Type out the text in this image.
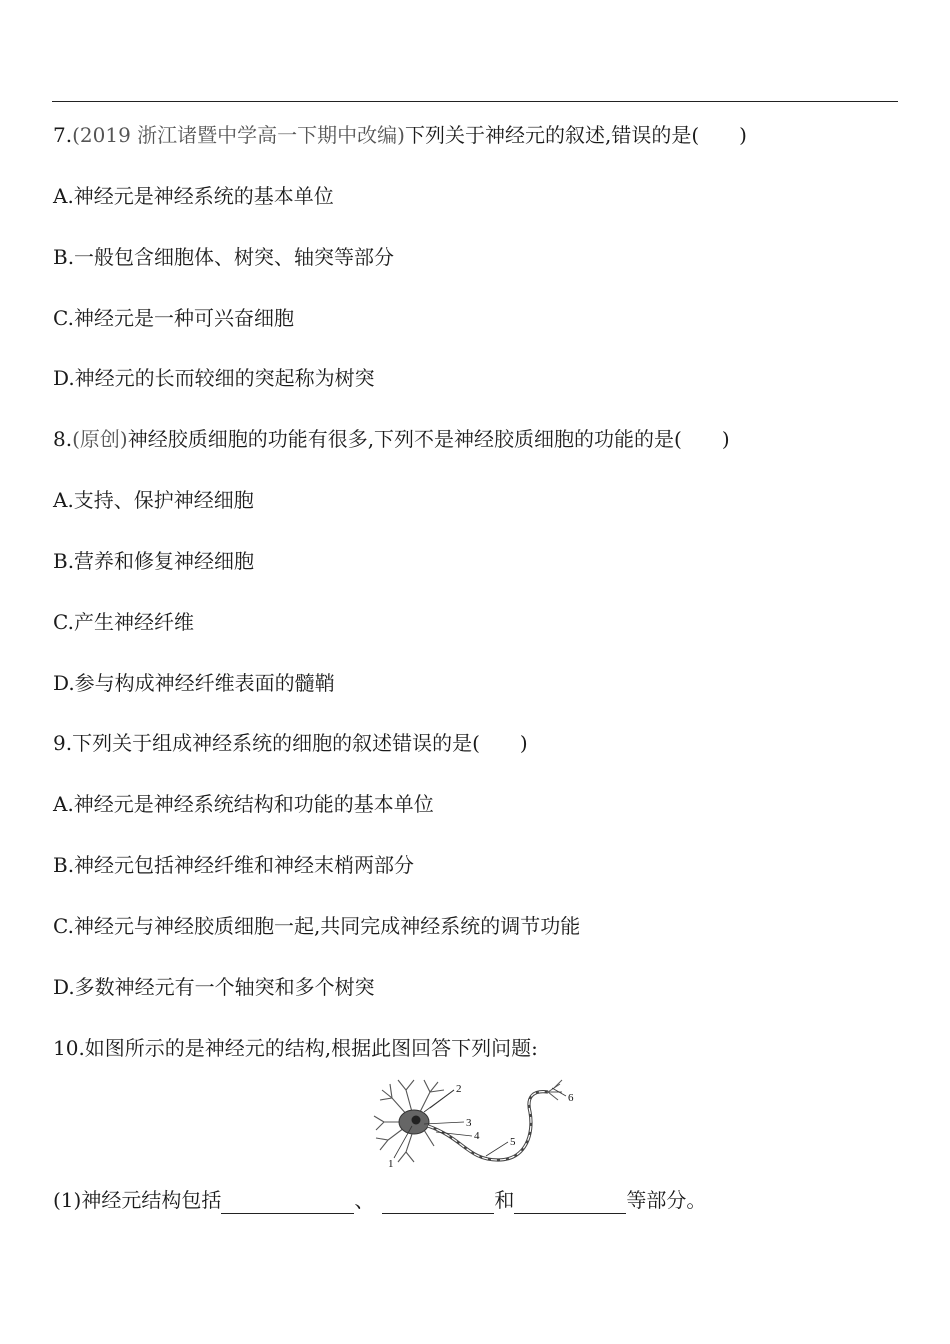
7.(2019 浙江诸暨中学高一下期中改编)下列关于神经元的叙述,错误的是( )
A.神经元是神经系统的基本单位
B.一般包含细胞体、树突、轴突等部分
C.神经元是一种可兴奋细胞
D.神经元的长而较细的突起称为树突
8.(原创)神经胶质细胞的功能有很多,下列不是神经胶质细胞的功能的是( )
A.支持、保护神经细胞
B.营养和修复神经细胞
C.产生神经纤维
D.参与构成神经纤维表面的髓鞘
9.下列关于组成神经系统的细胞的叙述错误的是( )
A.神经元是神经系统结构和功能的基本单位
B.神经元包括神经纤维和神经末梢两部分
C.神经元与神经胶质细胞一起,共同完成神经系统的调节功能
D.多数神经元有一个轴突和多个树突
10.如图所示的是神经元的结构,根据此图回答下列问题:
1
2
3
4	5
6
(1)神经元结构包括	、	和	等部分。
